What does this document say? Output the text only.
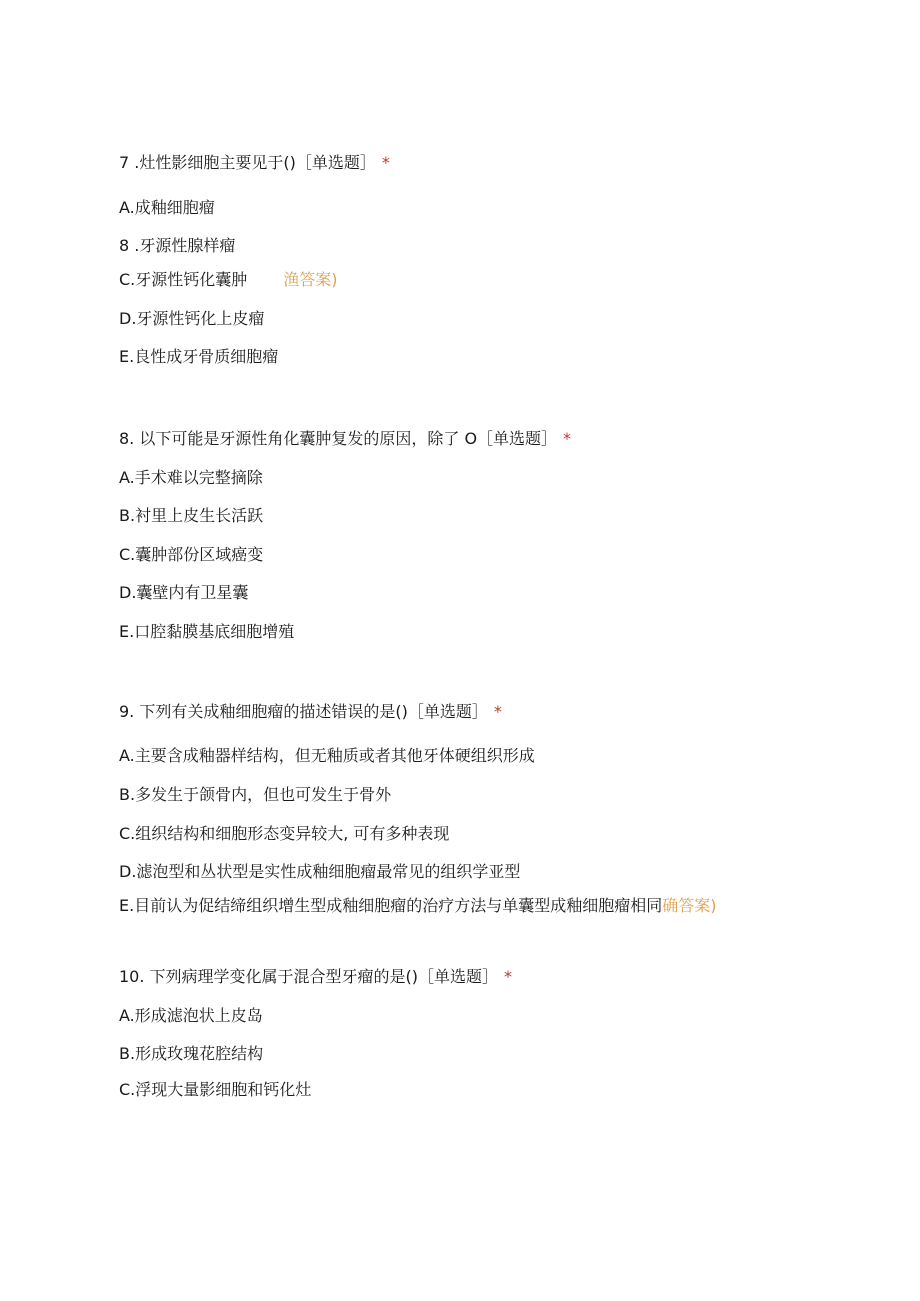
7 .灶性影细胞主要见于()［单选题］ *
A.成釉细胞瘤
8 .牙源性腺样瘤
C.牙源性钙化囊肿 渔答案)
D.牙源性钙化上皮瘤
E.良性成牙骨质细胞瘤
8. 以下可能是牙源性角化囊肿复发的原因，除了 O［单选题］ *
A.手术难以完整摘除
B.衬里上皮生长活跃
C.囊肿部份区域癌变
D.囊壁内有卫星囊
E.口腔黏膜基底细胞增殖
9. 下列有关成釉细胞瘤的描述错误的是()［单选题］ *
A.主要含成釉器样结构，但无釉质或者其他牙体硬组织形成
B.多发生于颌骨内，但也可发生于骨外
C.组织结构和细胞形态变异较大, 可有多种表现
D.滤泡型和丛状型是实性成釉细胞瘤最常见的组织学亚型
E.目前认为促结缔组织增生型成釉细胞瘤的治疗方法与单囊型成釉细胞瘤相同确答案)
10. 下列病理学变化属于混合型牙瘤的是()［单选题］ *
A.形成滤泡状上皮岛
B.形成玫瑰花腔结构
C.浮现大量影细胞和钙化灶
